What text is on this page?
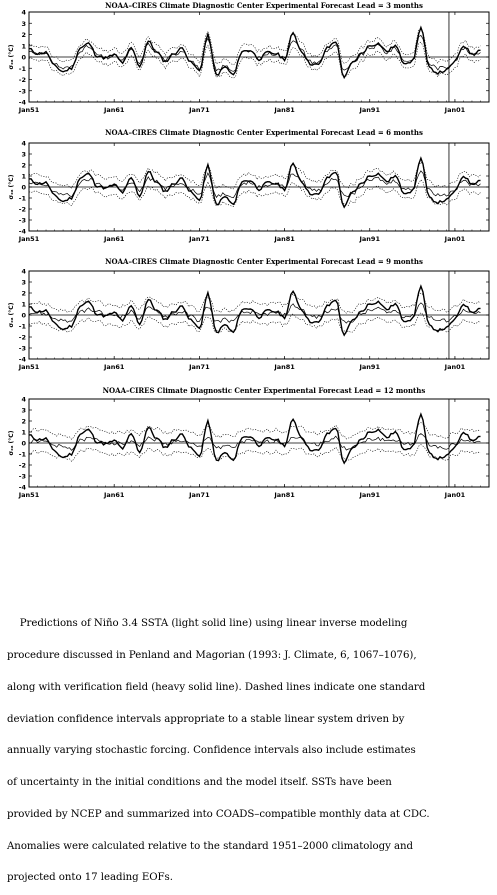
NOAA–CIRES Climate Diagnostic Center Experimental Forecast Lead = 3 months
-4
-3
-2
-1
0
1
2
3
4
σₓₐ (°C)
Jan51	Jan61	Jan71	Jan81	Jan91	Jan01
NOAA–CIRES Climate Diagnostic Center Experimental Forecast Lead = 6 months
-4
-3
-2
-1
0
1
2
3
4
σₓₐ (°C)
Jan51	Jan61	Jan71	Jan81	Jan91	Jan01
NOAA–CIRES Climate Diagnostic Center Experimental Forecast Lead = 9 months
-4
-3
-2
-1
0
1
2
3
4
σₓₐ (°C)
Jan51	Jan61	Jan71	Jan81	Jan91	Jan01
NOAA–CIRES Climate Diagnostic Center Experimental Forecast Lead = 12 months
-4
-3
-2
-1
0
1
2
3
4
σₓₐ (°C)
Jan51	Jan61	Jan71	Jan81	Jan91	Jan01

Predictions of Niño 3.4 SSTA (light solid line) using linear inverse modeling

procedure discussed in Penland and Magorian (1993: J. Climate, 6, 1067–1076),

along with verification field (heavy solid line). Dashed lines indicate one standard

deviation confidence intervals appropriate to a stable linear system driven by

annually varying stochastic forcing. Confidence intervals also include estimates

of uncertainty in the initial conditions and the model itself. SSTs have been

provided by NCEP and summarized into COADS–compatible monthly data at CDC.

Anomalies were calculated relative to the standard 1951–2000 climatology and

projected onto 17 leading EOFs.
